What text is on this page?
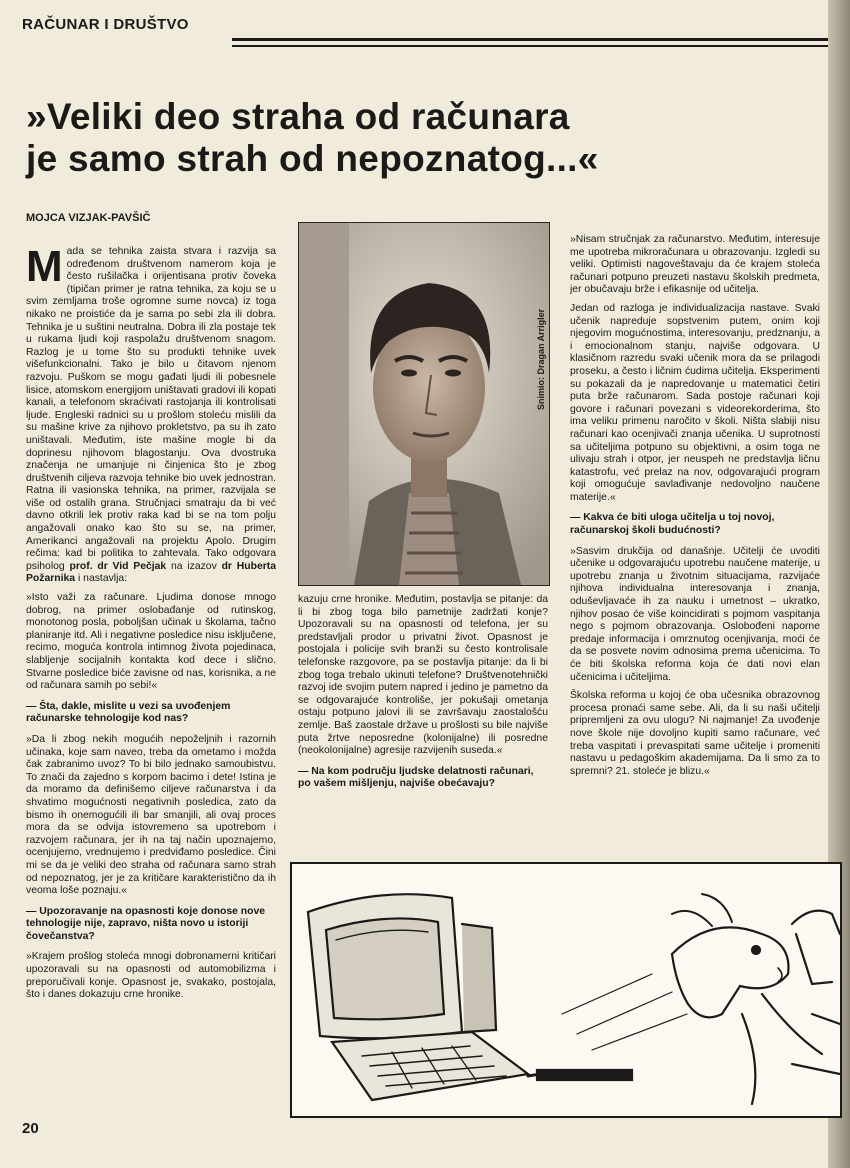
RAČUNAR I DRUŠTVO
»Veliki deo straha od računara
je samo strah od nepoznatog...«
MOJCA VIZJAK-PAVŠIČ

Mada se tehnika zaista stvara i razvija sa određenom društvenom namerom koja je često rušilačka i orijentisana protiv čoveka (tipičan primer je ratna tehnika, za koju se u svim zemljama troše ogromne sume novca) iz toga nikako ne proistiće da je sama po sebi zla ili dobra. Tehnika je u suštini neutralna. Dobra ili zla postaje tek u rukama ljudi koji raspolažu društvenom snagom. Razlog je u tome što su produkti tehnike uvek višefunkcionalni. Tako je bilo u čitavom njenom razvoju. Puškom se mogu gađati ljudi ili pobesnele lisice, atomskom energijom uništavati gradovi ili kopati kanali, a telefonom skraćivati rastojanja ili kontrolisati ljude. Engleski radnici su u prošlom stoleću mislili da su mašine krive za njihovo prokletstvo, pa su ih zato uništavali. Međutim, iste mašine mogle bi da doprinesu njihovom blagostanju. Ova dvostruka značenja ne umanjuje ni činjenica što je zbog društvenih ciljeva razvoja tehnike bio uvek jednostran. Ratna ili vasionska tehnika, na primer, razvijala se više od ostalih grana. Stručnjaci smatraju da bi već davno otkrili lek protiv raka kad bi se na tom polju angažovali onako kao što su se, na primer, Amerikanci angažovali na projektu Apolo. Drugim rečima: kad bi politika to zahtevala. Tako odgovara psiholog prof. dr Vid Pečjak na izazov dr Huberta Požarnika i nastavlja:

»Isto važi za računare. Ljudima donose mnogo dobrog, na primer oslobađanje od rutinskog, monotonog posla, poboljšan učinak u školama, tačno planiranje itd. Ali i negativne posledice nisu isključene, recimo, moguća kontrola intimnog života pojedinaca, slabljenje socijalnih kontakta kod dece i slično. Stvarne posledice biće zavisne od nas, korisnika, a ne od računara samih po sebi!«

— Šta, dakle, mislite u vezi sa uvođenjem računarske tehnologije kod nas?

»Da li zbog nekih mogućih nepoželjnih i razornih učinaka, koje sam naveo, treba da ometamo i možda čak zabranimo uvoz? To bi bilo jednako samoubistvu. To znači da zajedno s korpom bacimo i dete! Istina je da moramo da definišemo ciljeve računarstva i da shvatimo mogućnosti negativnih posledica, zato da bismo ih onemogućili ili bar smanjili, ali ovaj proces mora da se odvija istovremeno sa upotrebom i razvojem računara, jer ih na taj način upoznajemo, ocenjujemo, vrednujemo i predviđamo posledice. Čini mi se da je veliki deo straha od računara samo strah od nepoznatog, jer je za kritičare karakteristično da ih veoma loše poznaju.«

— Upozoravanje na opasnosti koje donose nove tehnologije nije, zapravo, ništa novo u istoriji čovečanstva?

»Krajem prošlog stoleća mnogi dobronamerni kritičari upozoravali su na opasnosti od automobilizma i preporučivali konje. Opasnost je, svakako, postojala, što i danes dokazuju crne hronike.

Snimio: Dragan Arrigler

kazuju crne hronike. Međutim, postavlja se pitanje: da li bi zbog toga bilo pametnije zadržati konje? Upozoravali su na opasnosti od telefona, jer su predstavljali prodor u privatni život. Opasnost je postojala i policije svih branži su često kontrolisale telefonske razgovore, pa se postavlja pitanje: da li bi zbog toga trebalo ukinuti telefone? Društvenotehnički razvoj ide svojim putem napred i jedino je pametno da se odgovarajuće kontroliše, jer pokušaji ometanja ostaju potpuno jalovi ili se završavaju zaostalošću zemlje. Baš zaostale države u prošlosti su bile najviše puta žrtve neposredne (kolonijalne) ili posredne (neokolonijalne) agresije razvijenih suseda.«

— Na kom području ljudske delatnosti računari, po vašem mišljenju, najviše obećavaju?

»Nisam stručnjak za računarstvo. Međutim, interesuje me upotreba mikroračunara u obrazovanju. Izgledi su veliki. Optimisti nagoveštavaju da će krajem stoleća računari potpuno preuzeti nastavu školskih predmeta, jer obučavaju brže i efikasnije od učitelja.

Jedan od razloga je individualizacija nastave. Svaki učenik napreduje sopstvenim putem, onim koji njegovim mogućnostima, interesovanju, predznanju, a i emocionalnom stanju, najviše odgovara. U klasičnom razredu svaki učenik mora da se prilagodi proseku, a često i ličnim ćudima učitelja. Eksperimenti su pokazali da je napredovanje u matematici četiri puta brže računarom. Sada postoje računari koji govore i računari povezani s videorekorderima, što ima veliku primenu naročito v školi. Ništa slabiji nisu računari kao ocenjivači znanja učenika. U suprotnosti sa učiteljima potpuno su objektivni, a osim toga ne ulivaju strah i otpor, jer neuspeh ne predstavlja ličnu katastrofu, već prelaz na nov, odgovarajući program koji omogućuje savlađivanje nedovoljno naučene materije.«

— Kakva će biti uloga učitelja u toj novoj, računarskoj školi budućnosti?

»Sasvim drukčija od današnje. Učitelji će uvoditi učenike u odgovarajuću upotrebu naučene materije, u upotrebu znanja u životnim situacijama, razvijaće njihova individualna interesovanja i znanja, oduševljavaće ih za nauku i umetnost – ukratko, njihov posao će više koincidirati s pojmom vaspitanja nego s pojmom obrazovanja. Oslobođeni naporne predaje informacija i omrznutog ocenjivanja, moći će da se posvete novim odnosima prema učenicima. To će biti školska reforma koja će dati novi elan učenicima i učiteljima.

Školska reforma u kojoj će oba učesnika obrazovnog procesa pronaći same sebe. Ali, da li su naši učitelji pripremljeni za ovu ulogu? Ni najmanje! Za uvođenje nove škole nije dovoljno kupiti samo računare, već treba vaspitati i prevaspitati same učitelje i promeniti nastavu u pedagoškim akademijama. Da li smo za to spremni? 21. stoleće je blizu.«

20
